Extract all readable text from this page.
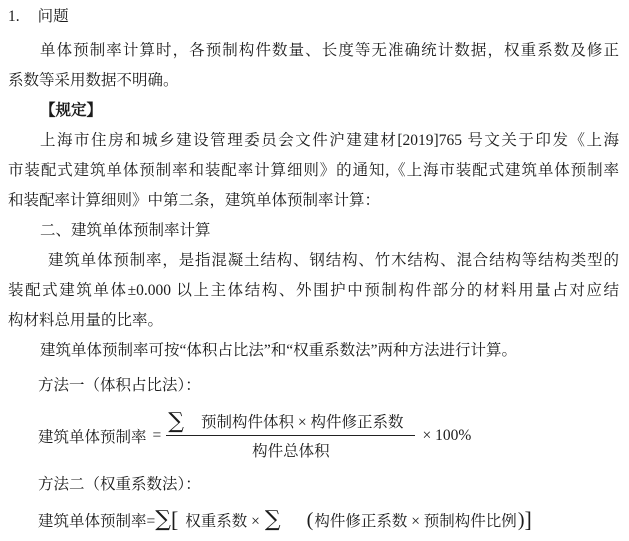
1. 问题
单体预制率计算时，各预制构件数量、长度等无准确统计数据，权重系数及修正
系数等采用数据不明确。
【规定】
上海市住房和城乡建设管理委员会文件沪建建材[2019]765 号文关于印发《上海
市装配式建筑单体预制率和装配率计算细则》的通知,《上海市装配式建筑单体预制率
和装配率计算细则》中第二条，建筑单体预制率计算：
二、建筑单体预制率计算
建筑单体预制率，是指混凝土结构、钢结构、竹木结构、混合结构等结构类型的
装配式建筑单体±0.000 以上主体结构、外围护中预制构件部分的材料用量占对应结
构材料总用量的比率。
建筑单体预制率可按“体积占比法”和“权重系数法”两种方法进行计算。
方法一（体积占比法）：
建筑单体预制率 = $\frac{\text{∑ 预制构件体积 × 构件修正系数}}{\text{构件总体积}} \times 100\%$
方法二（权重系数法）：
建筑单体预制率= ∑ [ 权重系数 × ∑ ( 构件修正系数 × 预制构件比例 ) ]
